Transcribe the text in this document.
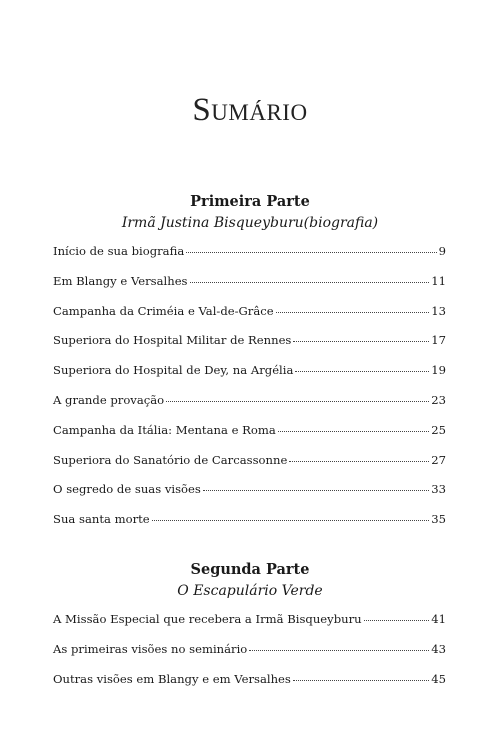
Sumário
Primeira Parte
Irmã Justina Bisqueyburu(biografia)
Início de sua biografia	9
Em Blangy e Versalhes	11
Campanha da Criméia e Val-de-Grâce	13
Superiora do Hospital Militar de Rennes	17
Superiora do Hospital de Dey, na Argélia	19
A grande provação	23
Campanha da Itália: Mentana e Roma	25
Superiora do Sanatório de Carcassonne	27
O segredo de suas visões	33
Sua santa morte	35
Segunda Parte
O Escapulário Verde
A Missão Especial que recebera a Irmã Bisqueyburu	41
As primeiras visões no seminário	43
Outras visões em Blangy e em Versalhes	45
